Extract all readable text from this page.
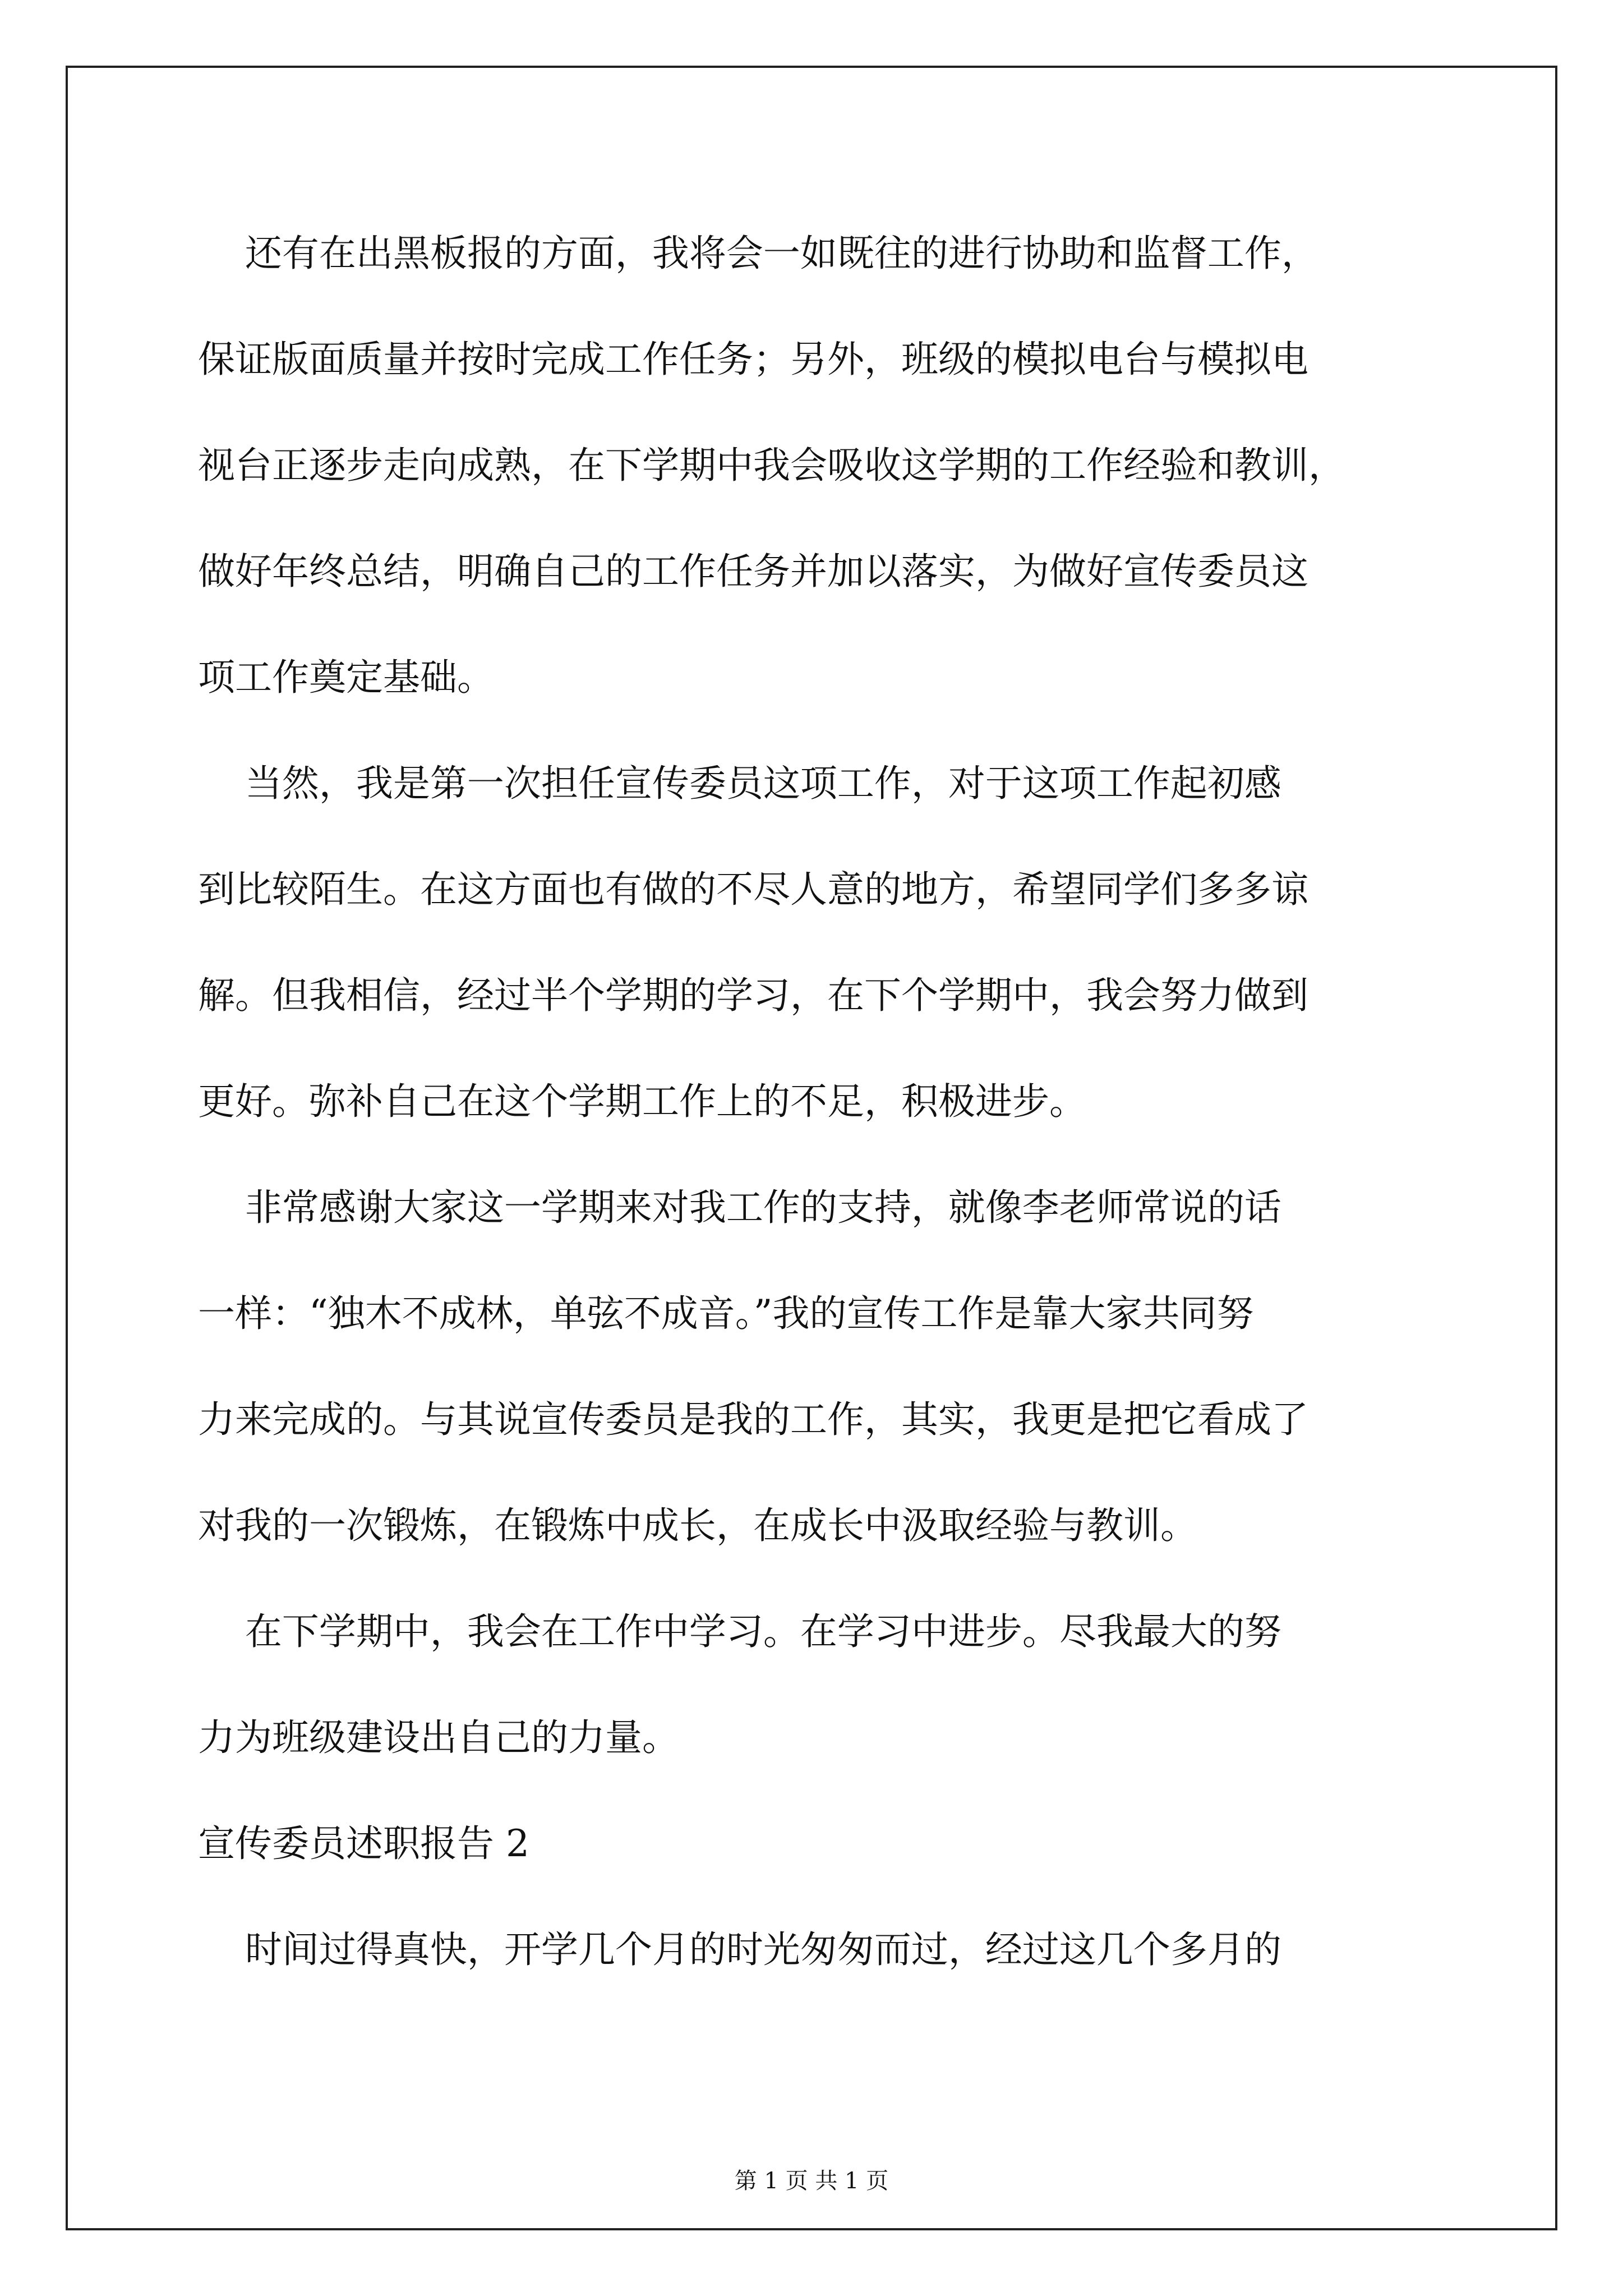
还有在出黑板报的方面，我将会一如既往的进行协助和监督工作，
保证版面质量并按时完成工作任务；另外，班级的模拟电台与模拟电
视台正逐步走向成熟，在下学期中我会吸收这学期的工作经验和教训，
做好年终总结，明确自己的工作任务并加以落实，为做好宣传委员这
项工作奠定基础。
当然，我是第一次担任宣传委员这项工作，对于这项工作起初感
到比较陌生。在这方面也有做的不尽人意的地方，希望同学们多多谅
解。但我相信，经过半个学期的学习，在下个学期中，我会努力做到
更好。弥补自己在这个学期工作上的不足，积极进步。
非常感谢大家这一学期来对我工作的支持，就像李老师常说的话
一样：“独木不成林，单弦不成音。”我的宣传工作是靠大家共同努
力来完成的。与其说宣传委员是我的工作，其实，我更是把它看成了
对我的一次锻炼，在锻炼中成长，在成长中汲取经验与教训。
在下学期中，我会在工作中学习。在学习中进步。尽我最大的努
力为班级建设出自己的力量。
宣传委员述职报告 2
时间过得真快，开学几个月的时光匆匆而过，经过这几个多月的
第 1 页 共 1 页
